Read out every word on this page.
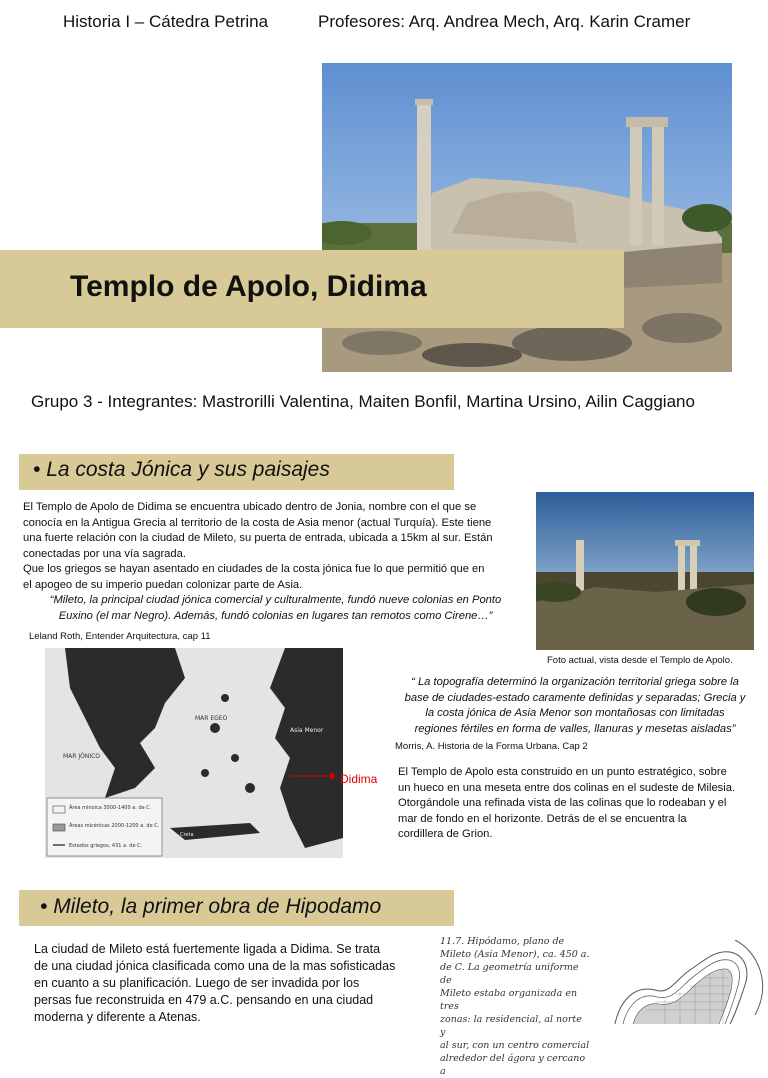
Historia I – Cátedra Petrina	Profesores: Arq. Andrea Mech, Arq. Karin Cramer
Templo de Apolo, Didima
Grupo 3 - Integrantes: Mastrorilli Valentina, Maiten Bonfil, Martina Ursino, Ailin Caggiano
• La costa Jónica y sus paisajes
El Templo de Apolo de Didima se encuentra ubicado dentro de Jonia, nombre con el que se
conocía en la Antigua Grecia al territorio de la costa de Asia menor (actual Turquía). Este tiene
una fuerte relación con la ciudad de Mileto, su puerta de entrada, ubicada a 15km al sur. Están
conectadas por una vía sagrada.
Que los griegos se hayan asentado en ciudades de la costa jónica fue lo que permitió que en
el apogeo de su imperio puedan colonizar parte de Asia.
“Mileto, la principal ciudad jónica comercial y culturalmente, fundó nueve colonias en Ponto
Euxino (el mar Negro). Además, fundó colonias en lugares tan remotos como Cirene…”
Leland Roth, Entender Arquitectura, cap 11
Foto actual, vista desde el Templo de Apolo.
Área minoica 3000-1400 a. de C.
Áreas micénicas 2000-1200 a. de C.
Estados griegos, 431 a. de C.
MAR EGEO
Asia Menor
MAR JÓNICO
Creta
Didima
“ La topografía determinó la organización territorial griega sobre la
base de ciudades-estado caramente definidas y separadas; Grecia y
la costa jónica de Asia Menor son montañosas con limitadas
regiones fértiles en forma de valles, llanuras y mesetas aisladas”
Morris, A. Historia de la Forma Urbana. Cap 2
El Templo de Apolo esta construido en un punto estratégico, sobre
un hueco en una meseta entre dos colinas en el sudeste de Milesia.
Otorgándole una refinada vista de las colinas que lo rodeaban y el
mar de fondo en el horizonte. Detrás de el se encuentra la
cordillera de Grion.
• Mileto, la primer obra de Hipodamo
La ciudad de Mileto está fuertemente ligada a Didima. Se trata
de una ciudad jónica clasificada como una de la mas sofisticadas
en cuanto a su planificación. Luego de ser invadida por los
persas fue reconstruida en 479 a.C. pensando en una ciudad
moderna y diferente a Atenas.
11.7. Hipódamo, plano de
Mileto (Asia Menor), ca. 450 a.
de C. La geometría uniforme de
Mileto estaba organizada en tres
zonas: la residencial, al norte y
al sur, con un centro comercial
alrededor del ágora y cercano a
